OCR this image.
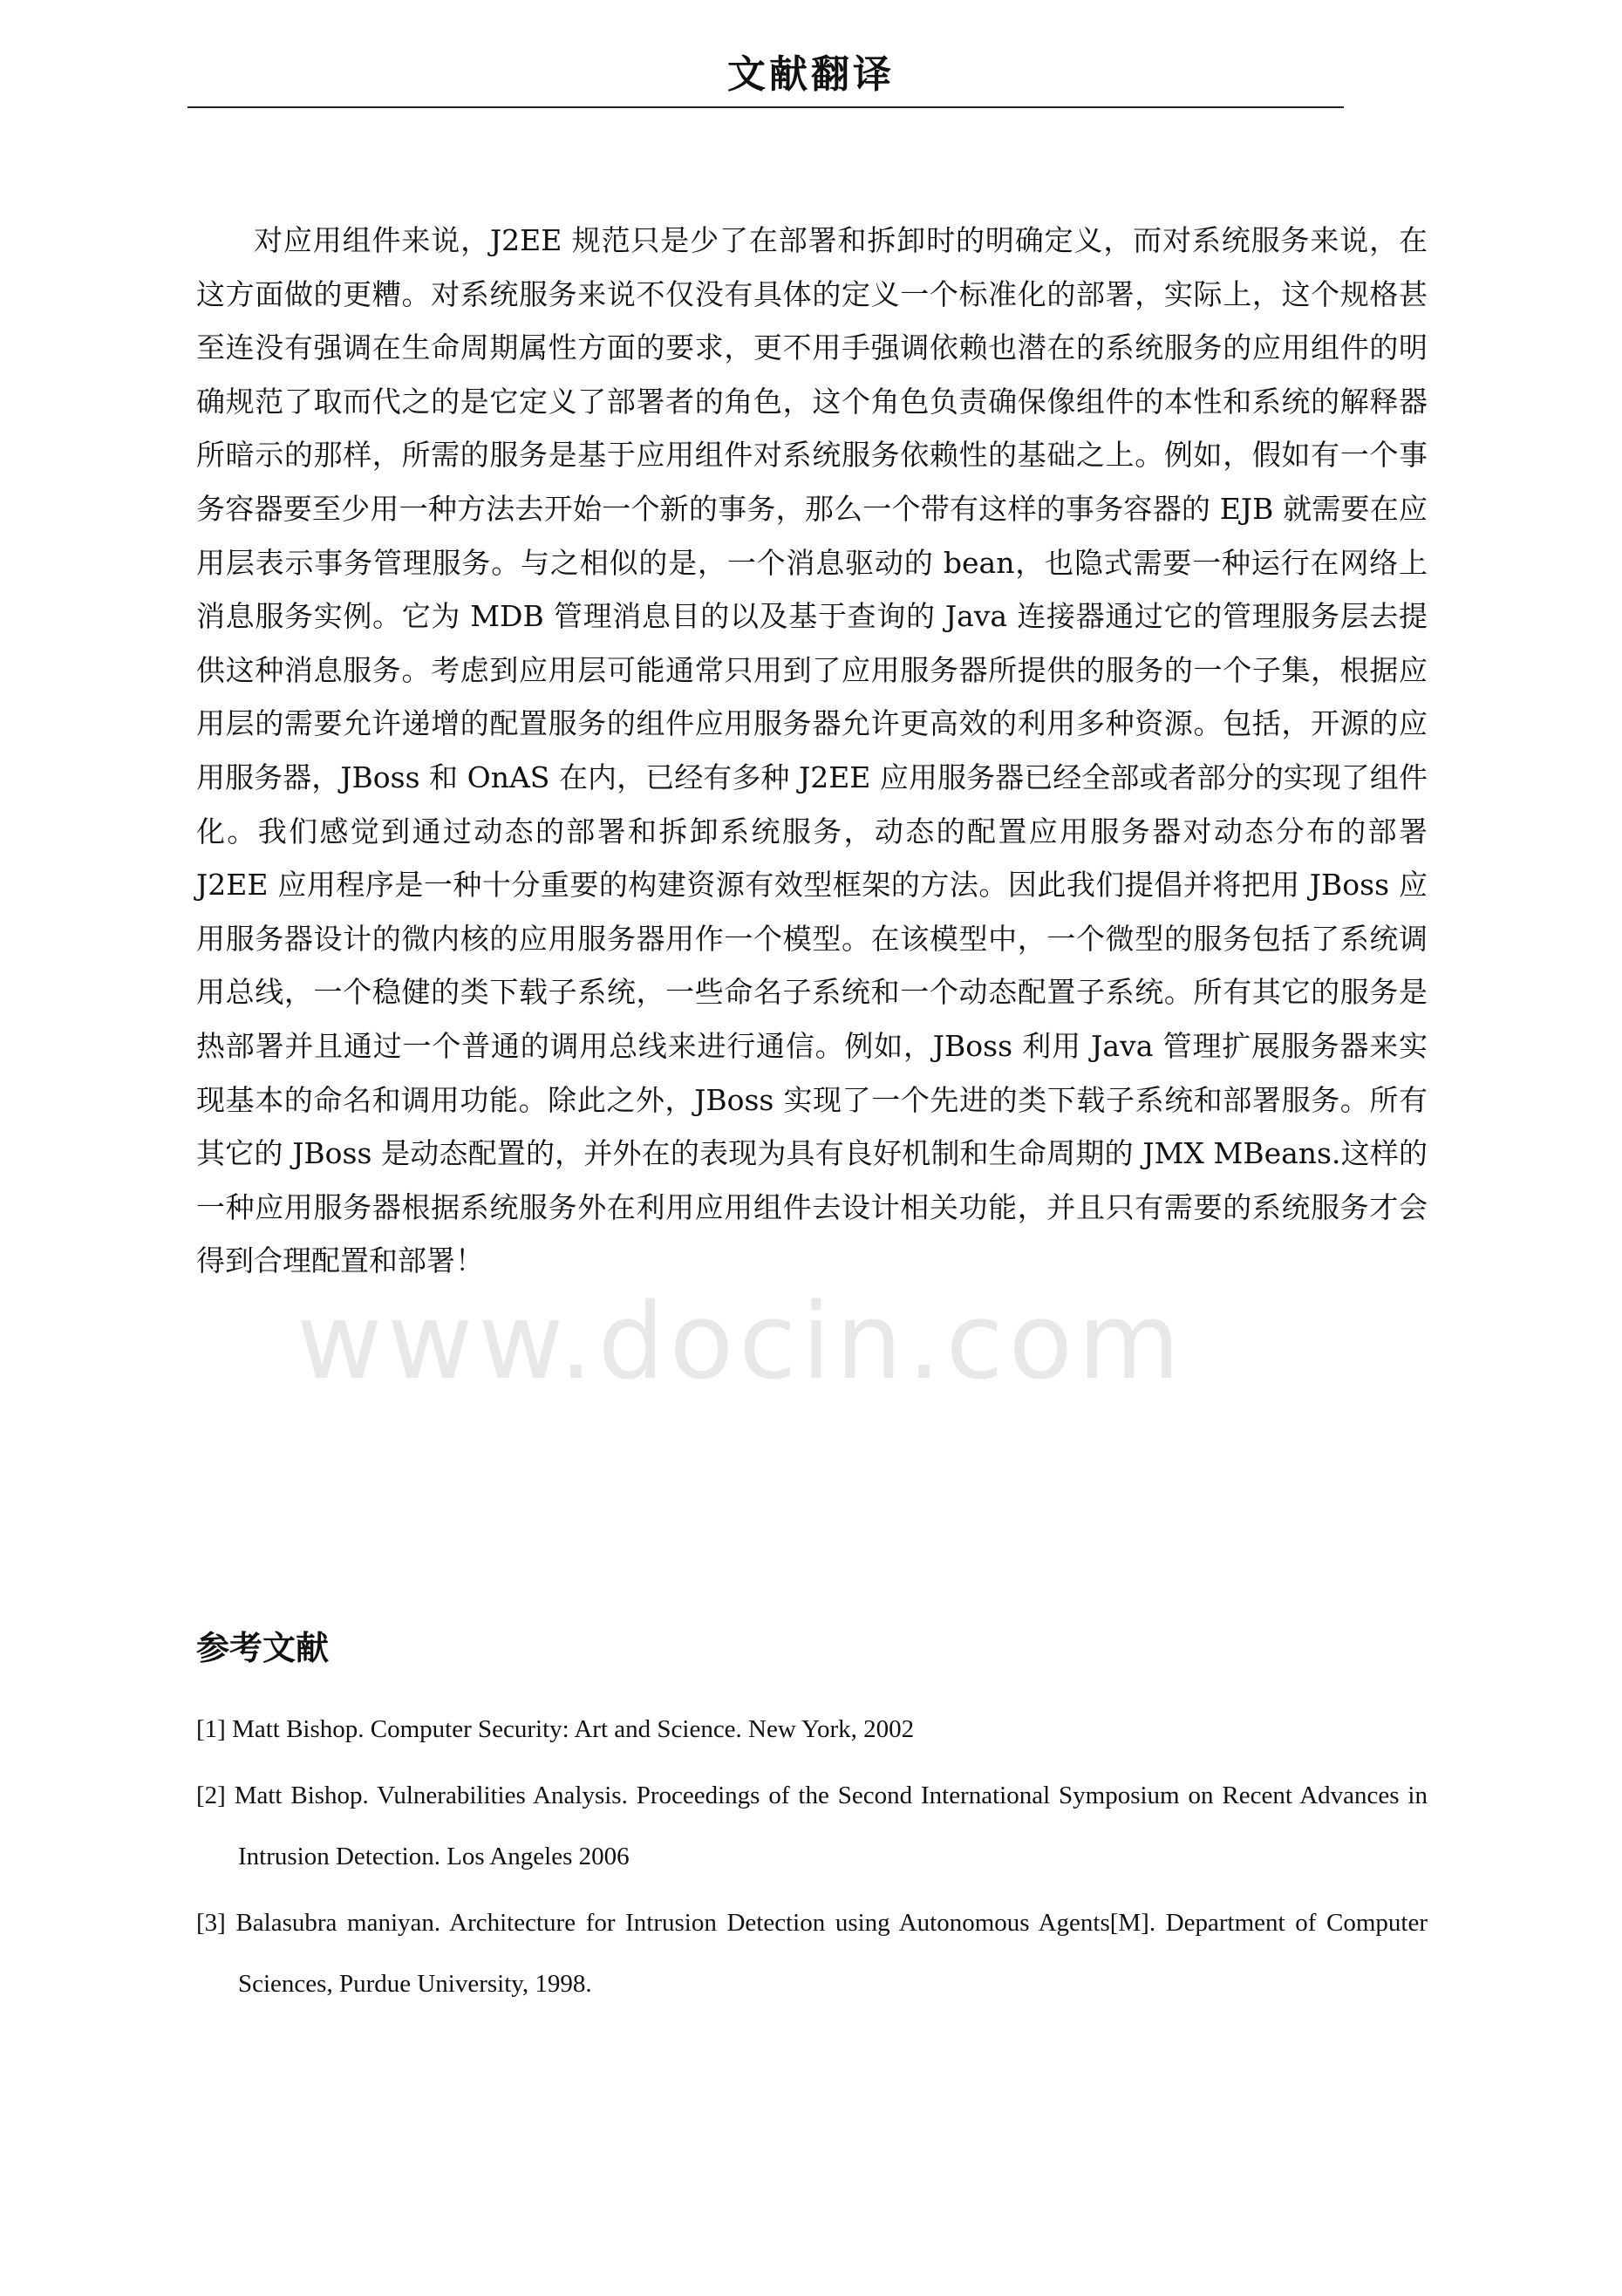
文献翻译
www.docin.com

对应用组件来说，J2EE 规范只是少了在部署和拆卸时的明确定义，而对系统服务来说，在这方面做的更糟。对系统服务来说不仅没有具体的定义一个标准化的部署，实际上，这个规格甚至连没有强调在生命周期属性方面的要求，更不用手强调依赖也潜在的系统服务的应用组件的明确规范了取而代之的是它定义了部署者的角色，这个角色负责确保像组件的本性和系统的解释器所暗示的那样，所需的服务是基于应用组件对系统服务依赖性的基础之上。例如，假如有一个事务容器要至少用一种方法去开始一个新的事务，那么一个带有这样的事务容器的 EJB 就需要在应用层表示事务管理服务。与之相似的是，一个消息驱动的 bean，也隐式需要一种运行在网络上消息服务实例。它为 MDB 管理消息目的以及基于查询的 Java 连接器通过它的管理服务层去提供这种消息服务。考虑到应用层可能通常只用到了应用服务器所提供的服务的一个子集，根据应用层的需要允许递增的配置服务的组件应用服务器允许更高效的利用多种资源。包括，开源的应用服务器，JBoss 和 OnAS 在内，已经有多种 J2EE 应用服务器已经全部或者部分的实现了组件化。我们感觉到通过动态的部署和拆卸系统服务，动态的配置应用服务器对动态分布的部署 J2EE 应用程序是一种十分重要的构建资源有效型框架的方法。因此我们提倡并将把用 JBoss 应用服务器设计的微内核的应用服务器用作一个模型。在该模型中，一个微型的服务包括了系统调用总线，一个稳健的类下载子系统，一些命名子系统和一个动态配置子系统。所有其它的服务是热部署并且通过一个普通的调用总线来进行通信。例如，JBoss 利用 Java 管理扩展服务器来实现基本的命名和调用功能。除此之外，JBoss 实现了一个先进的类下载子系统和部署服务。所有其它的 JBoss 是动态配置的，并外在的表现为具有良好机制和生命周期的 JMX MBeans.这样的一种应用服务器根据系统服务外在利用应用组件去设计相关功能，并且只有需要的系统服务才会得到合理配置和部署！

参考文献
[1] Matt Bishop. Computer Security: Art and Science. New York, 2002
[2] Matt Bishop. Vulnerabilities Analysis. Proceedings of the Second International Symposium on Recent Advances in Intrusion Detection. Los Angeles 2006
[3] Balasubra maniyan. Architecture for Intrusion Detection using Autonomous Agents[M]. Department of Computer Sciences, Purdue University, 1998.
